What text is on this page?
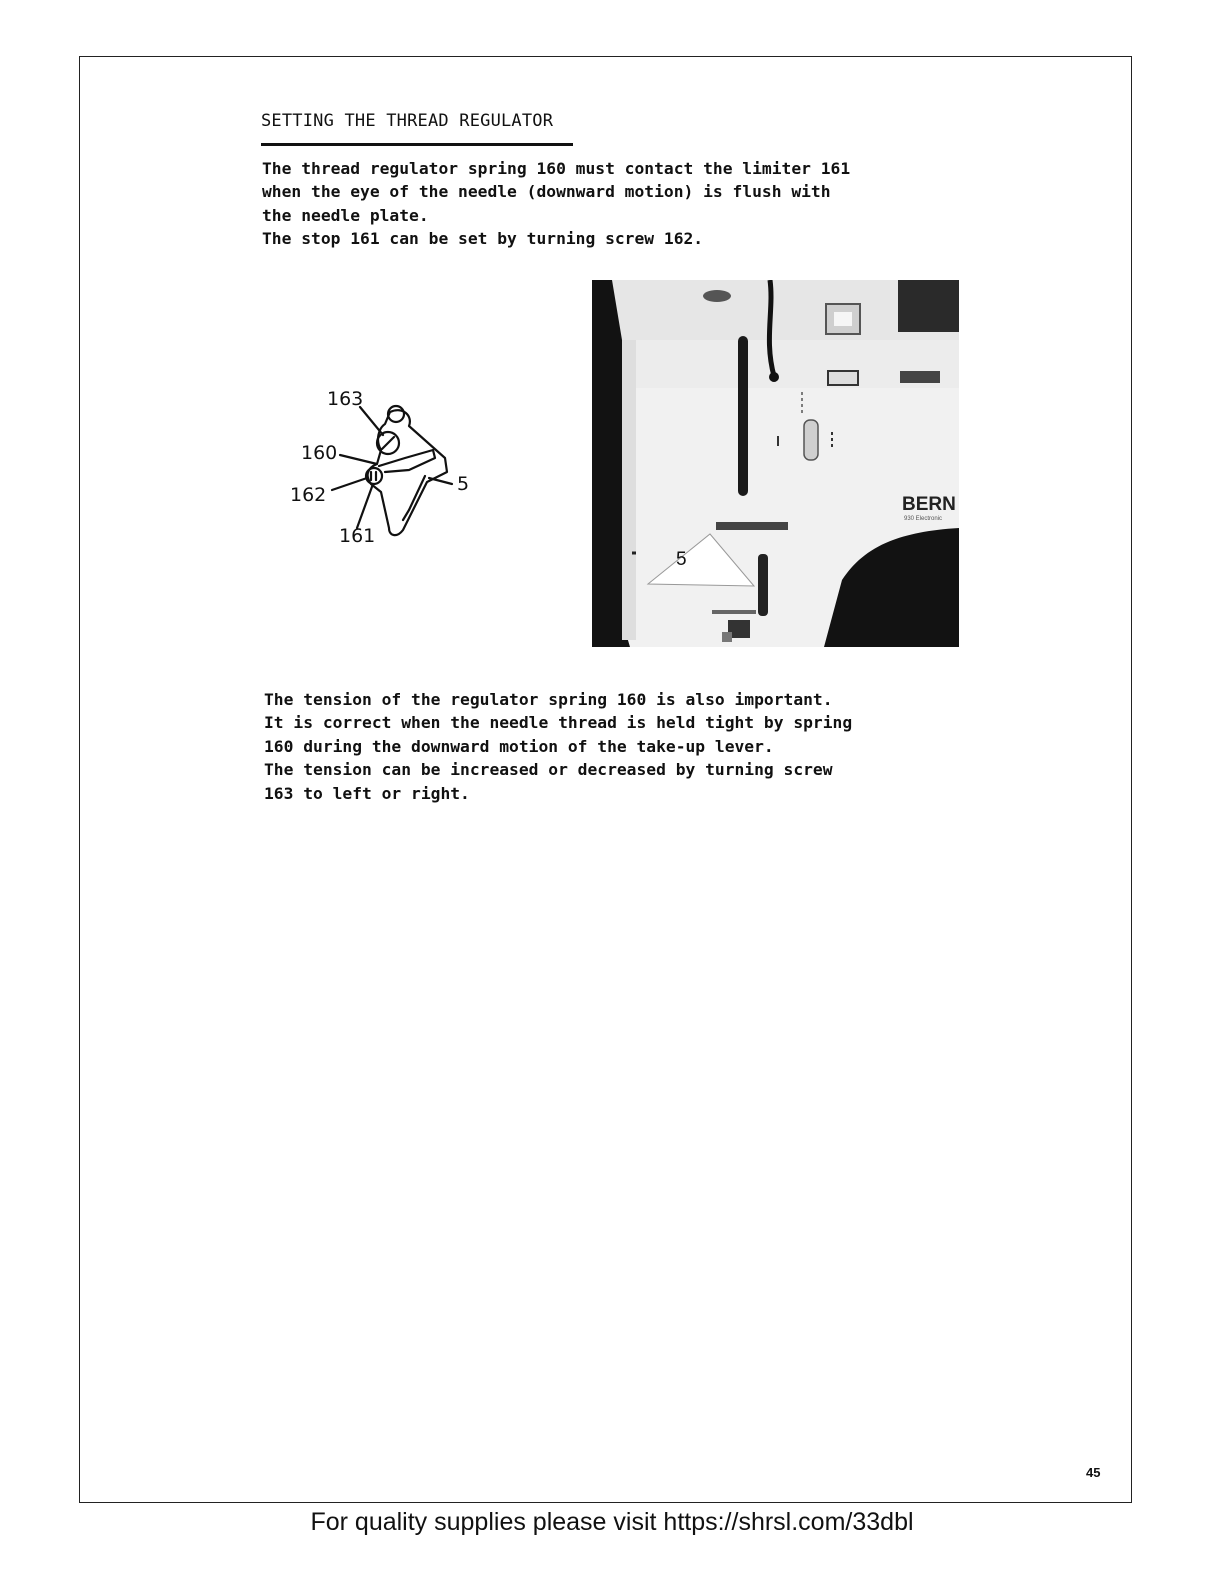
SETTING THE THREAD REGULATOR
The thread regulator spring 160 must contact the limiter 161
when the eye of the needle (downward motion) is flush with
the needle plate.
The stop 161 can be set by turning screw 162.
163
160
162
161
5
BERN
930 Electronic
5
The tension of the regulator spring 160 is also important.
It is correct when the needle thread is held tight by spring
160 during the downward motion of the take-up lever.
The tension can be increased or decreased by turning screw
163 to left or right.
45
For quality supplies please visit https://shrsl.com/33dbl
